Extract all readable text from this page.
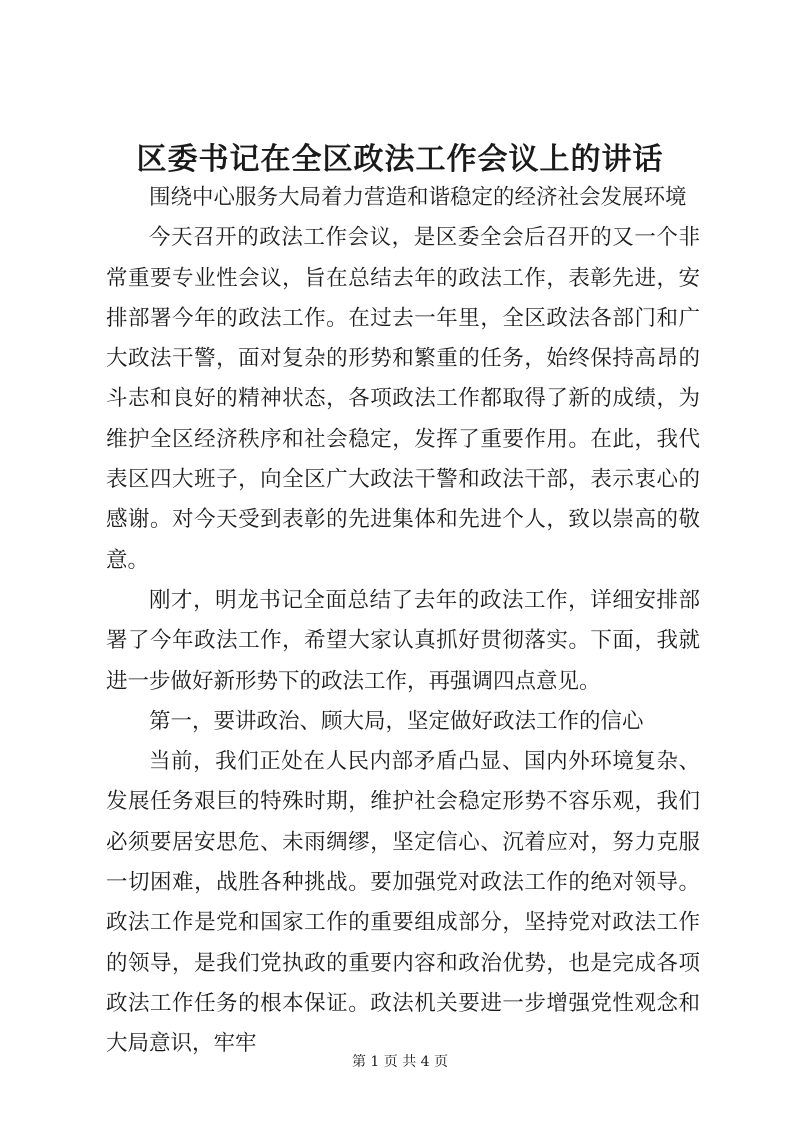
区委书记在全区政法工作会议上的讲话

围绕中心服务大局着力营造和谐稳定的经济社会发展环境

今天召开的政法工作会议，是区委全会后召开的又一个非常重要专业性会议，旨在总结去年的政法工作，表彰先进，安排部署今年的政法工作。在过去一年里，全区政法各部门和广大政法干警，面对复杂的形势和繁重的任务，始终保持高昂的斗志和良好的精神状态，各项政法工作都取得了新的成绩，为维护全区经济秩序和社会稳定，发挥了重要作用。在此，我代表区四大班子，向全区广大政法干警和政法干部，表示衷心的感谢。对今天受到表彰的先进集体和先进个人，致以崇高的敬意。

刚才，明龙书记全面总结了去年的政法工作，详细安排部署了今年政法工作，希望大家认真抓好贯彻落实。下面，我就进一步做好新形势下的政法工作，再强调四点意见。

第一，要讲政治、顾大局，坚定做好政法工作的信心

当前，我们正处在人民内部矛盾凸显、国内外环境复杂、发展任务艰巨的特殊时期，维护社会稳定形势不容乐观，我们必须要居安思危、未雨绸缪，坚定信心、沉着应对，努力克服一切困难，战胜各种挑战。要加强党对政法工作的绝对领导。政法工作是党和国家工作的重要组成部分，坚持党对政法工作的领导，是我们党执政的重要内容和政治优势，也是完成各项政法工作任务的根本保证。政法机关要进一步增强党性观念和大局意识，牢牢

第 1 页 共 4 页
